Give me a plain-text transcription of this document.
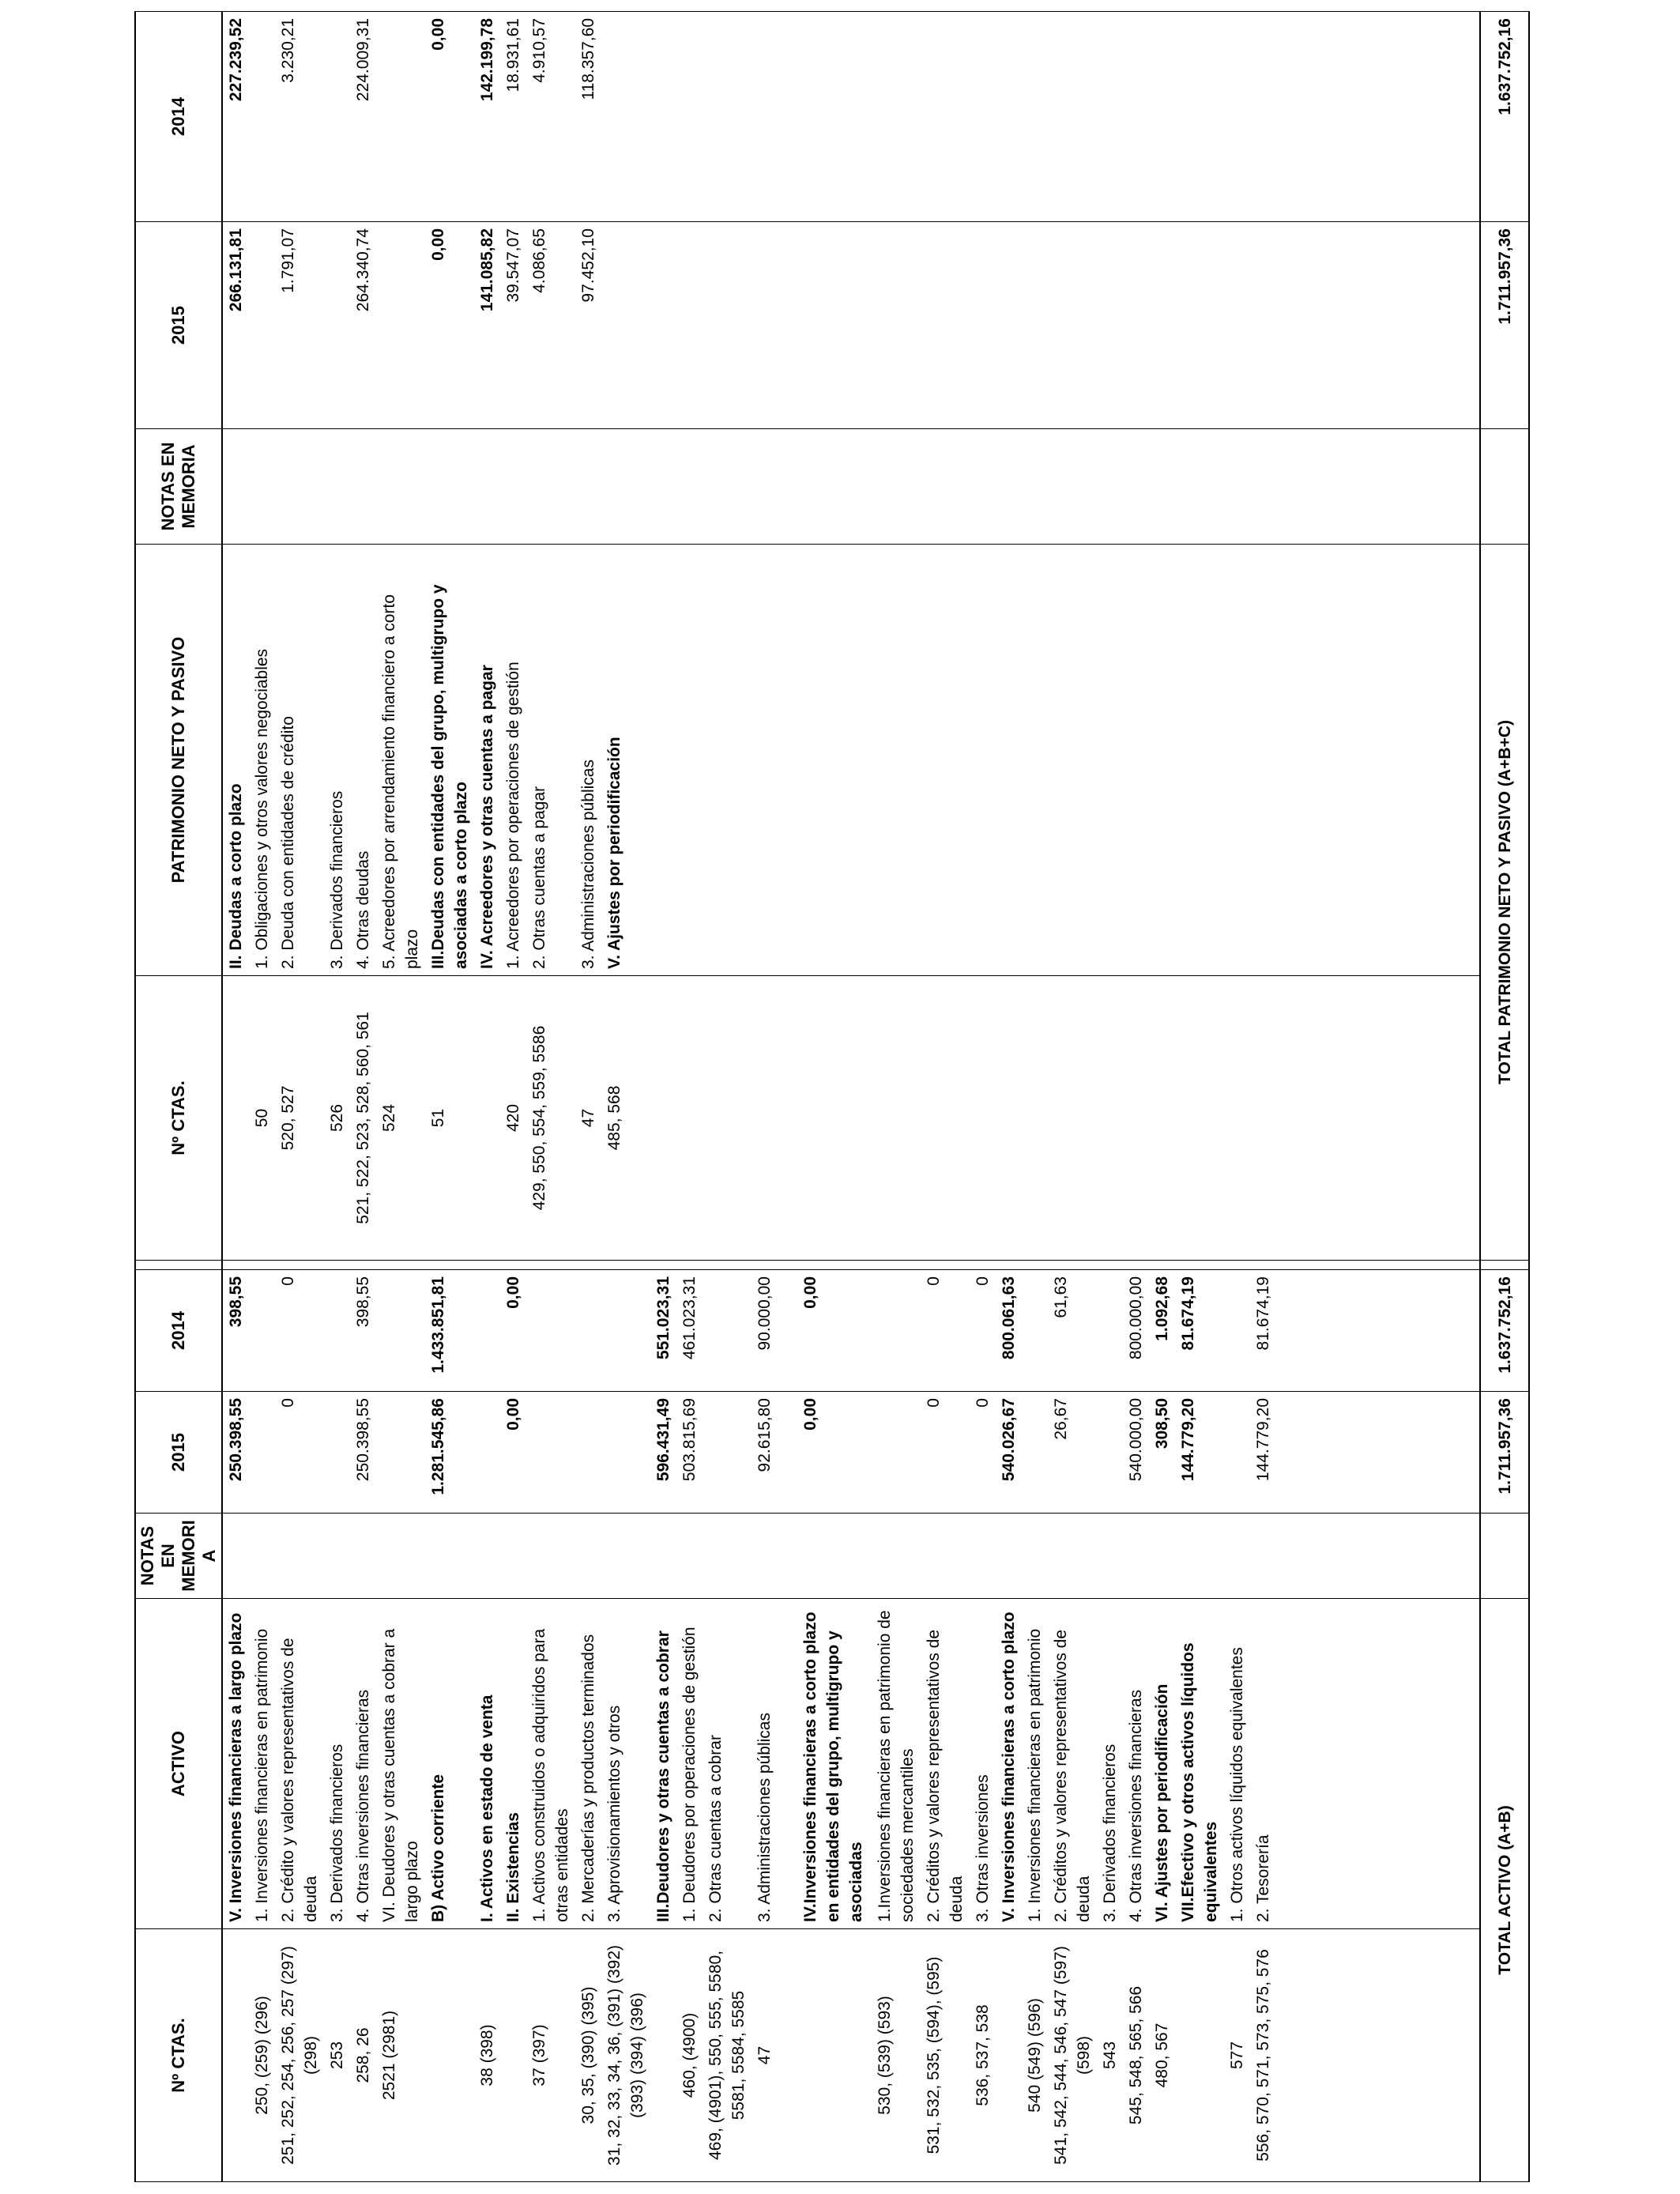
Nº CTAS.	ACTIVO	NOTAS EN MEMORIA	2015	2014		Nº CTAS.	PATRIMONIO NETO Y PASIVO	NOTAS EN MEMORIA	2015	2014
	V. Inversiones financieras a largo plazo		250.398,55	398,55			II. Deudas a corto plazo		266.131,81	227.239,52
250, (259) (296)	1. Inversiones financieras en patrimonio					50	1. Obligaciones y otros valores negociables			
251, 252, 254, 256, 257 (297) (298)	2. Crédito y valores representativos de deuda		0	0		520, 527	2. Deuda con entidades de crédito		1.791,07	3.230,21
253	3. Derivados financieros					526	3. Derivados financieros			
258, 26	4. Otras inversiones financieras		250.398,55	398,55		521, 522, 523, 528, 560, 561	4. Otras deudas		264.340,74	224.009,31
2521 (2981)	VI. Deudores y otras cuentas a cobrar a largo plazo					524	5. Acreedores por arrendamiento financiero a corto plazo			
	B) Activo corriente		1.281.545,86	1.433.851,81		51	III.Deudas con entidades del grupo, multigrupo y asociadas a corto plazo		0,00	0,00
38 (398)	I. Activos en estado de venta						IV. Acreedores y otras cuentas a pagar		141.085,82	142.199,78
	II. Existencias		0,00	0,00		420	1. Acreedores por operaciones de gestión		39.547,07	18.931,61
37 (397)	1. Activos construidos o adquiridos para otras entidades					429, 550, 554, 559, 5586	2. Otras cuentas a pagar		4.086,65	4.910,57
30, 35, (390) (395)	2. Mercaderías y productos terminados					47	3. Administraciones públicas		97.452,10	118.357,60
31, 32, 33, 34, 36, (391) (392) (393) (394) (396)	3. Aprovisionamientos y otros					485, 568	V. Ajustes por periodificación			
	III.Deudores y otras cuentas a cobrar		596.431,49	551.023,31						
460, (4900)	1. Deudores por operaciones de gestión		503.815,69	461.023,31						
469, (4901), 550, 555, 5580, 5581, 5584, 5585	2. Otras cuentas a cobrar									
47	3. Administraciones públicas		92.615,80	90.000,00						
	IV.Inversiones financieras a corto plazo en entidades del grupo, multigrupo y asociadas		0,00	0,00						
530, (539) (593)	1.Inversiones financieras en patrimonio de sociedades mercantiles									
531, 532, 535, (594), (595)	2. Créditos y valores representativos de deuda		0	0						
536, 537, 538	3. Otras inversiones		0	0						
	V. Inversiones financieras a corto plazo		540.026,67	800.061,63						
540 (549) (596)	1. Inversiones financieras en patrimonio									
541, 542, 544, 546, 547 (597) (598)	2. Créditos y valores representativos de deuda		26,67	61,63						
543	3. Derivados financieros									
545, 548, 565, 566	4. Otras inversiones financieras		540.000,00	800.000,00						
480, 567	VI. Ajustes por periodificación		308,50	1.092,68						
	VII.Efectivo y otros activos líquidos equivalentes		144.779,20	81.674,19						
577	1. Otros activos líquidos equivalentes									
556, 570, 571, 573, 575, 576	2. Tesorería		144.779,20	81.674,19						

TOTAL ACTIVO (A+B)			1.711.957,36	1.637.752,16		TOTAL PATRIMONIO NETO Y PASIVO (A+B+C)			1.711.957,36	1.637.752,16
